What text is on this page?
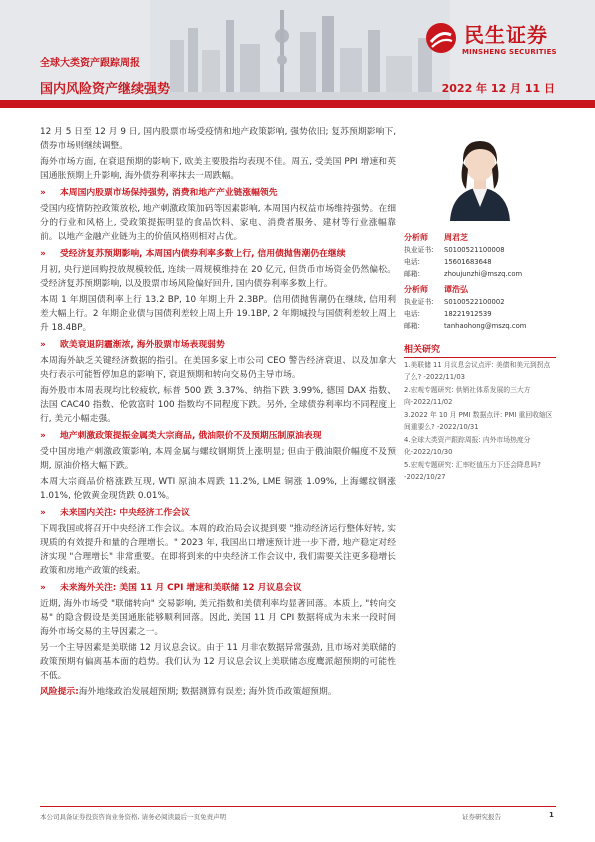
全球大类资产跟踪周报
国内风险资产继续强势	2022 年 12 月 11 日
民生证券
MINSHENG SECURITIES

12 月 5 日至 12 月 9 日, 国内股票市场受疫情和地产政策影响, 强势依旧; 复苏预期影响下, 债券市场则继续调整。

海外市场方面, 在衰退预期的影响下, 欧美主要股指均表现不佳。周五, 受美国 PPI 增速和英国通胀预期上升影响, 海外债券利率抹去一周跌幅。

»	本周国内股票市场保持强势, 消费和地产产业链涨幅领先

受国内疫情防控政策放松, 地产刺激政策加码等因素影响, 本周国内权益市场维持强势。在细分的行业和风格上, 受政策提振明显的食品饮料、家电、消费者服务、建材等行业涨幅靠前。以地产金融产业链为主的价值风格则相对占优。

»	受经济复苏预期影响, 本周国内债券利率多数上行, 信用债抛售潮仍在继续

月初, 央行逆回购投放规模较低, 连续一周规模维持在 20 亿元, 但货币市场资金仍然偏松。受经济复苏预期影响, 以及股票市场风险偏好回升, 国内债券利率多数上行。

本周 1 年期国债利率上行 13.2 BP, 10 年期上升 2.3BP。信用债抛售潮仍在继续, 信用利差大幅上行。2 年期企业债与国债利差较上周上升 19.1BP, 2 年期城投与国债利差较上周上升 18.4BP。

»	欧美衰退阴霾渐浓, 海外股票市场表现弱势

本周海外缺乏关键经济数据的指引。在美国多家上市公司 CEO 警告经济衰退、以及加拿大央行表示可能暂停加息的影响下, 衰退预期和转向交易仍主导市场。

海外股市本周表现均比较疲软, 标普 500 跌 3.37%、纳指下跌 3.99%, 德国 DAX 指数、法国 CAC40 指数、伦敦富时 100 指数均不同程度下跌。另外, 全球债券利率均不同程度上行, 美元小幅走强。

»	地产刺激政策提振金属类大宗商品, 俄油限价不及预期压制原油表现

受中国房地产刺激政策影响, 本周金属与螺纹钢期货上涨明显; 但由于俄油限价幅度不及预期, 原油价格大幅下跌。

本周大宗商品价格涨跌互现, WTI 原油本周跌 11.2%, LME 铜涨 1.09%, 上海螺纹钢涨 1.01%, 伦敦黄金现货跌 0.01%。

»	未来国内关注: 中央经济工作会议

下周我国或将召开中央经济工作会议。本周的政治局会议提到要 "推动经济运行整体好转, 实现质的有效提升和量的合理增长。" 2023 年, 我国出口增速预计进一步下滑, 地产稳定对经济实现 "合理增长" 非常重要。在即将到来的中央经济工作会议中, 我们需要关注更多稳增长政策和房地产政策的线索。

»	未来海外关注: 美国 11 月 CPI 增速和美联储 12 月议息会议

近期, 海外市场受 "联储转向" 交易影响, 美元指数和美债利率均显著回落。本质上, "转向交易" 的隐含假设是美国通胀能够顺利回落。因此, 美国 11 月 CPI 数据将成为未来一段时间海外市场交易的主导因素之一。

另一个主导因素是美联储 12 月议息会议。由于 11 月非农数据异常强劲, 且市场对美联储的政策预期有偏离基本面的趋势。我们认为 12 月议息会议上美联储态度鹰派超预期的可能性不低。

风险提示:海外地缘政治发展超预期; 数据测算有误差; 海外货币政策超预期。

分析师	周君芝
执业证书:	S0100521100008
电话:	15601683648
邮箱:	zhoujunzhi@mszq.com
分析师	谭浩弘
执业证书:	S0100522100002
电话:	18221912539
邮箱:	tanhaohong@mszq.com
相关研究
1.美联储 11 月议息会议点评: 美债和美元到拐点了么? -2022/11/03
2.宏观专题研究: 供销社体系发展的三大方向-2022/11/02
3.2022 年 10 月 PMI 数据点评: PMI 重回收缩区间重要么? -2022/10/31
4.全球大类资产跟踪周报: 内外市场热度分化-2022/10/30
5.宏观专题研究: 汇率贬值压力下还会降息吗? -2022/10/27
本公司具备证券投资咨询业务资格, 请务必阅读最后一页免责声明	证券研究报告	1
